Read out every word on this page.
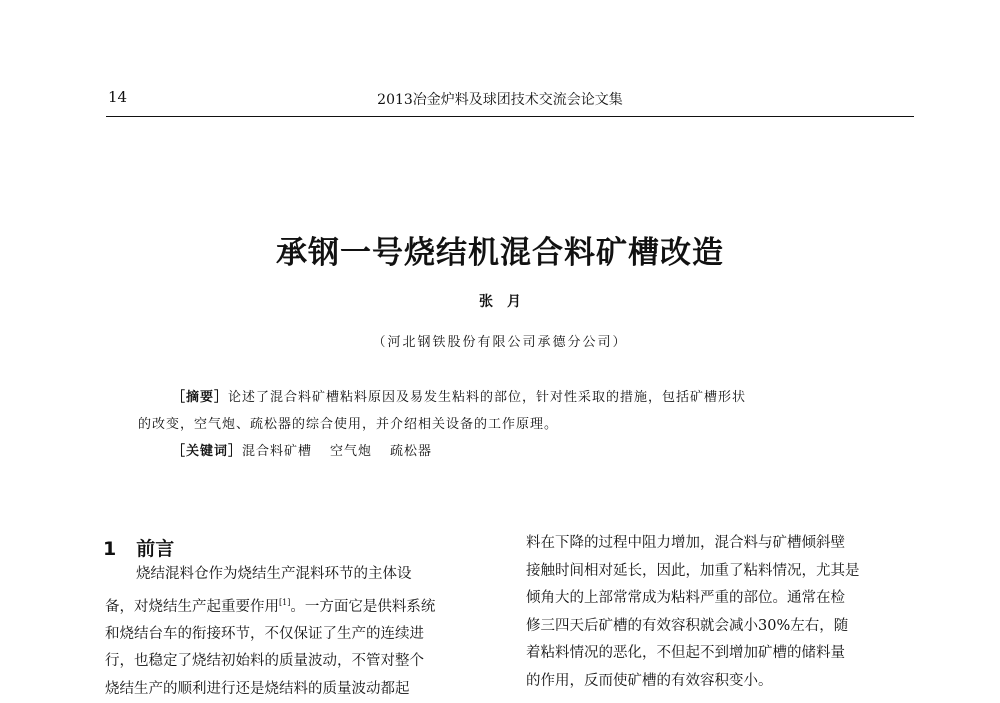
14	2013冶金炉料及球团技术交流会论文集
承钢一号烧结机混合料矿槽改造
张月
（河北钢铁股份有限公司承德分公司）
［摘要］论述了混合料矿槽粘料原因及易发生粘料的部位，针对性采取的措施，包括矿槽形状
的改变，空气炮、疏松器的综合使用，并介绍相关设备的工作原理。
［关键词］混合料矿槽 空气炮 疏松器
1 前言

烧结混料仓作为烧结生产混料环节的主体设

备，对烧结生产起重要作用[1]。一方面它是供料系统

和烧结台车的衔接环节，不仅保证了生产的连续进

行，也稳定了烧结初始料的质量波动，不管对整个

烧结生产的顺利进行还是烧结料的质量波动都起

料在下降的过程中阻力增加，混合料与矿槽倾斜壁

接触时间相对延长，因此，加重了粘料情况，尤其是

倾角大的上部常常成为粘料严重的部位。通常在检

修三四天后矿槽的有效容积就会减小30%左右，随

着粘料情况的恶化，不但起不到增加矿槽的储料量

的作用，反而使矿槽的有效容积变小。
